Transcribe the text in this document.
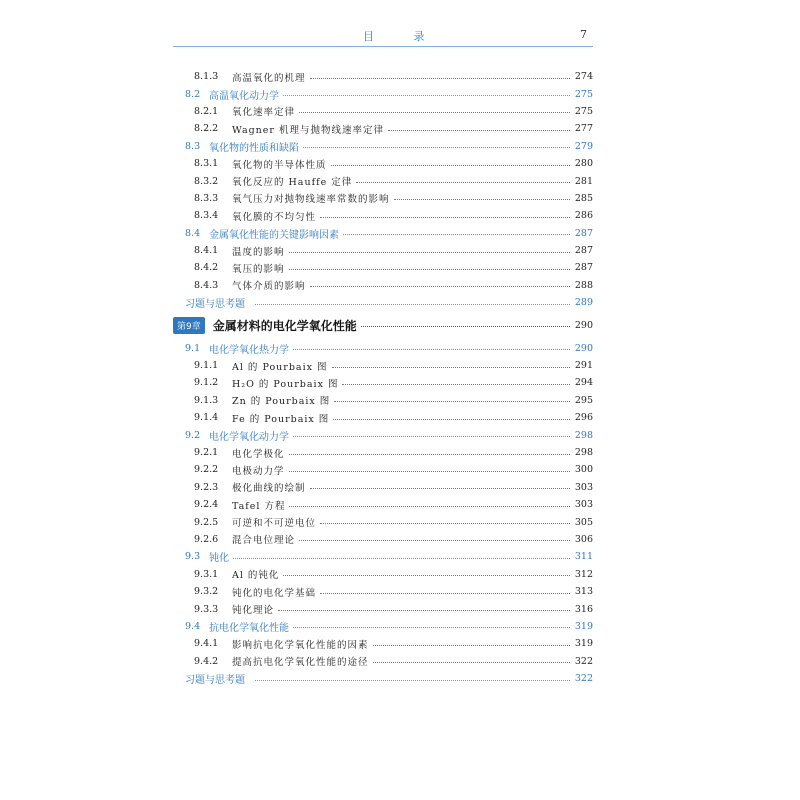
目 录	7
8.1.3	高温氧化的机理	274
8.2 高温氧化动力学	275
8.2.1	氧化速率定律	275
8.2.2	Wagner 机理与抛物线速率定律	277
8.3 氧化物的性质和缺陷	279
8.3.1	氧化物的半导体性质	280
8.3.2	氧化反应的 Hauffe 定律	281
8.3.3	氧气压力对抛物线速率常数的影响	285
8.3.4	氧化膜的不均匀性	286
8.4 金属氧化性能的关键影响因素	287
8.4.1	温度的影响	287
8.4.2	氧压的影响	287
8.4.3	气体介质的影响	288
习题与思考题	289
第9章	金属材料的电化学氧化性能	290
9.1 电化学氧化热力学	290
9.1.1	Al 的 Pourbaix 图	291
9.1.2	H₂O 的 Pourbaix 图	294
9.1.3	Zn 的 Pourbaix 图	295
9.1.4	Fe 的 Pourbaix 图	296
9.2 电化学氧化动力学	298
9.2.1	电化学极化	298
9.2.2	电极动力学	300
9.2.3	极化曲线的绘制	303
9.2.4	Tafel 方程	303
9.2.5	可逆和不可逆电位	305
9.2.6	混合电位理论	306
9.3 钝化	311
9.3.1	Al 的钝化	312
9.3.2	钝化的电化学基础	313
9.3.3	钝化理论	316
9.4 抗电化学氧化性能	319
9.4.1	影响抗电化学氧化性能的因素	319
9.4.2	提高抗电化学氧化性能的途径	322
习题与思考题	322
